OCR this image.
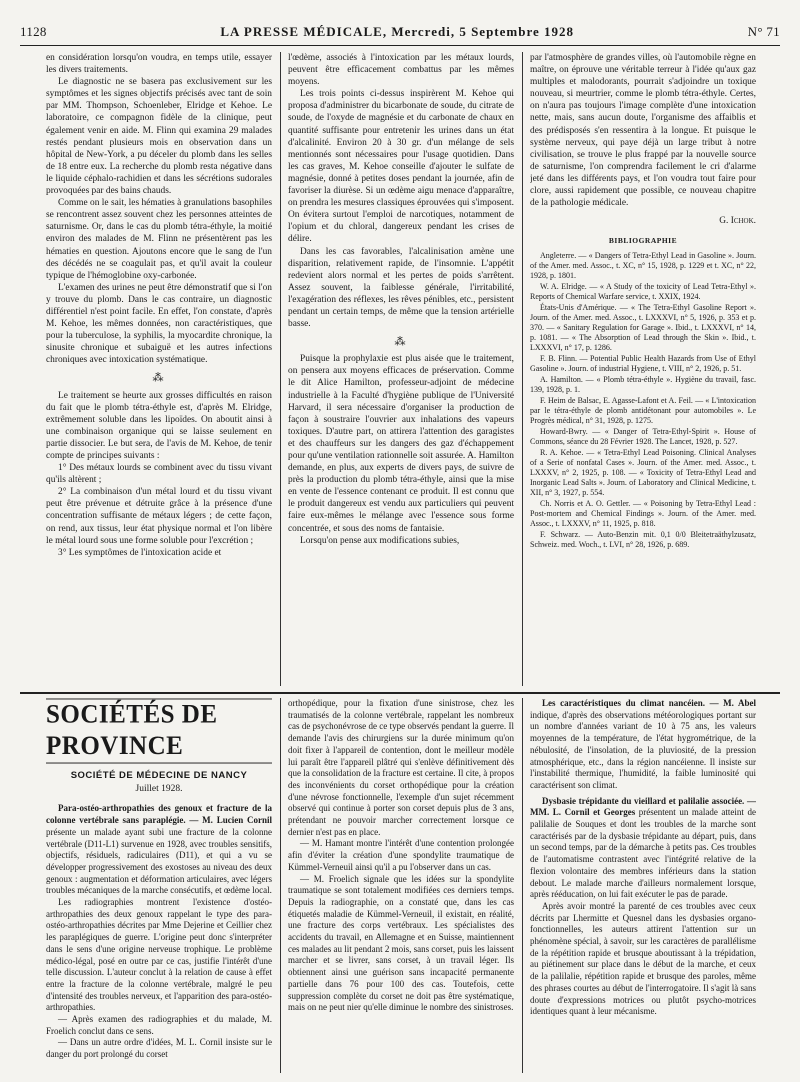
1128	LA PRESSE MÉDICALE, Mercredi, 5 Septembre 1928	N° 71

en considération lorsqu'on voudra, en temps utile, essayer les divers traitements.

Le diagnostic ne se basera pas exclusivement sur les symptômes et les signes objectifs précisés avec tant de soin par MM. Thompson, Schoenleber, Elridge et Kehoe. Le laboratoire, ce compagnon fidèle de la clinique, peut également venir en aide. M. Flinn qui examina 29 malades restés pendant plusieurs mois en observation dans un hôpital de New-York, a pu déceler du plomb dans les selles de 18 entre eux. La recherche du plomb resta négative dans le liquide céphalo-rachidien et dans les sécrétions sudorales provoquées par des bains chauds.

Comme on le sait, les hématies à granulations basophiles se rencontrent assez souvent chez les personnes atteintes de saturnisme. Or, dans le cas du plomb tétra-éthyle, la moitié environ des malades de M. Flinn ne présentèrent pas les hématies en question. Ajoutons encore que le sang de l'un des décédés ne se coagulait pas, et qu'il avait la couleur typique de l'hémoglobine oxy-carbonée.

L'examen des urines ne peut être démonstratif que si l'on y trouve du plomb. Dans le cas contraire, un diagnostic différentiel n'est point facile. En effet, l'on constate, d'après M. Kehoe, les mêmes données, non caractéristiques, que pour la tuberculose, la syphilis, la myocardite chronique, la sinusite chronique et subaiguë et les autres infections chroniques avec intoxication systématique.

⁂

Le traitement se heurte aux grosses difficultés en raison du fait que le plomb tétra-éthyle est, d'après M. Elridge, extrêmement soluble dans les lipoïdes. On aboutit ainsi à une combinaison organique qui se laisse seulement en partie dissocier. Le but sera, de l'avis de M. Kehoe, de tenir compte de principes suivants :

1° Des métaux lourds se combinent avec du tissu vivant qu'ils altèrent ;

2° La combinaison d'un métal lourd et du tissu vivant peut être prévenue et détruite grâce à la présence d'une concentration suffisante de métaux légers ; de cette façon, on rend, aux tissus, leur état physique normal et l'on libère le métal lourd sous une forme soluble pour l'excrétion ;

3° Les symptômes de l'intoxication acide et

l'œdème, associés à l'intoxication par les métaux lourds, peuvent être efficacement combattus par les mêmes moyens.

Les trois points ci-dessus inspirèrent M. Kehoe qui proposa d'administrer du bicarbonate de soude, du citrate de soude, de l'oxyde de magnésie et du carbonate de chaux en quantité suffisante pour entretenir les urines dans un état d'alcalinité. Environ 20 à 30 gr. d'un mélange de sels mentionnés sont nécessaires pour l'usage quotidien. Dans les cas graves, M. Kehoe conseille d'ajouter le sulfate de magnésie, donné à petites doses pendant la journée, afin de favoriser la diurèse. Si un œdème aigu menace d'apparaître, on prendra les mesures classiques éprouvées qui s'imposent. On évitera surtout l'emploi de narcotiques, notamment de l'opium et du chloral, dangereux pendant les crises de délire.

Dans les cas favorables, l'alcalinisation amène une disparition, relativement rapide, de l'insomnie. L'appétit redevient alors normal et les pertes de poids s'arrêtent. Assez souvent, la faiblesse générale, l'irritabilité, l'exagération des réflexes, les rêves pénibles, etc., persistent pendant un certain temps, de même que la tension artérielle basse.

⁂

Puisque la prophylaxie est plus aisée que le traitement, on pensera aux moyens efficaces de préservation. Comme le dit Alice Hamilton, professeur-adjoint de médecine industrielle à la Faculté d'hygiène publique de l'Université Harvard, il sera nécessaire d'organiser la production de façon à soustraire l'ouvrier aux inhalations des vapeurs toxiques. D'autre part, on attirera l'attention des garagistes et des chauffeurs sur les dangers des gaz d'échappement pour qu'une ventilation rationnelle soit assurée. A. Hamilton demande, en plus, aux experts de divers pays, de suivre de près la production du plomb tétra-éthyle, ainsi que la mise en vente de l'essence contenant ce produit. Il est connu que le produit dangereux est vendu aux particuliers qui peuvent faire eux-mêmes le mélange avec l'essence sous forme concentrée, et sous des noms de fantaisie.

Lorsqu'on pense aux modifications subies,

par l'atmosphère de grandes villes, où l'automobile règne en maître, on éprouve une véritable terreur à l'idée qu'aux gaz multiples et malodorants, pourrait s'adjoindre un toxique nouveau, si meurtrier, comme le plomb tétra-éthyle. Certes, on n'aura pas toujours l'image complète d'une intoxication nette, mais, sans aucun doute, l'organisme des affaiblis et des prédisposés s'en ressentira à la longue. Et puisque le système nerveux, qui paye déjà un large tribut à notre civilisation, se trouve le plus frappé par la nouvelle source de saturnisme, l'on comprendra facilement le cri d'alarme jeté dans les différents pays, et l'on voudra tout faire pour clore, aussi rapidement que possible, ce nouveau chapitre de la pathologie médicale.

G. Ichok.
BIBLIOGRAPHIE

Angleterre. — « Dangers of Tetra-Ethyl Lead in Gasoline ». Journ. of the Amer. med. Assoc., t. XC, n° 15, 1928, p. 1229 et t. XC, n° 22, 1928, p. 1801.

W. A. Elridge. — « A Study of the toxicity of Lead Tetra-Ethyl ». Reports of Chemical Warfare service, t. XXIX, 1924.

États-Unis d'Amérique. — « The Tetra-Ethyl Gasoline Report ». Journ. of the Amer. med. Assoc., t. LXXXVI, n° 5, 1926, p. 353 et p. 370. — « Sanitary Regulation for Garage ». Ibid., t. LXXXVI, n° 14, p. 1081. — « The Absorption of Lead through the Skin ». Ibid., t. LXXXVI, n° 17, p. 1286.

F. B. Flinn. — Potential Public Health Hazards from Use of Ethyl Gasoline ». Journ. of industrial Hygiene, t. VIII, n° 2, 1926, p. 51.

A. Hamilton. — « Plomb tétra-éthyle ». Hygiène du travail, fasc. 139, 1928, p. 1.

F. Heim de Balsac, E. Agasse-Lafont et A. Feil. — « L'intoxication par le tétra-éthyle de plomb antidétonant pour automobiles ». Le Progrès médical, n° 31, 1928, p. 1275.

Howard-Bwry. — « Danger of Tetra-Ethyl-Spirit ». House of Commons, séance du 28 Février 1928. The Lancet, 1928, p. 527.

R. A. Kehoe. — « Tetra-Ethyl Lead Poisoning. Clinical Analyses of a Serie of nonfatal Cases ». Journ. of the Amer. med. Assoc., t. LXXXV, n° 2, 1925, p. 108. — « Toxicity of Tetra-Ethyl Lead and Inorganic Lead Salts ». Journ. of Laboratory and Clinical Medicine, t. XII, n° 3, 1927, p. 554.

Ch. Norris et A. O. Gettler. — « Poisoning by Tetra-Ethyl Lead : Post-mortem and Chemical Findings ». Journ. of the Amer. med. Assoc., t. LXXXV, n° 11, 1925, p. 818.

F. Schwarz. — Auto-Benzin mit. 0,1 0/0 Bleitetraäthylzusatz, Schweiz. med. Woch., t. LVI, n° 28, 1926, p. 689.

SOCIÉTÉS DE PROVINCE
SOCIÉTÉ DE MÉDECINE DE NANCY
Juillet 1928.

Para-ostéo-arthropathies des genoux et fracture de la colonne vertébrale sans paraplégie. — M. Lucien Cornil présente un malade ayant subi une fracture de la colonne vertébrale (D11-L1) survenue en 1928, avec troubles sensitifs, objectifs, résiduels, radiculaires (D11), et qui a vu se développer progressivement des exostoses au niveau des deux genoux : augmentation et déformation articulaires, avec légers troubles mécaniques de la marche consécutifs, et œdème local.

Les radiographies montrent l'existence d'ostéo-arthropathies des deux genoux rappelant le type des para-ostéo-arthropathies décrites par Mme Dejerine et Ceillier chez les paraplégiques de guerre. L'origine peut donc s'interpréter dans le sens d'une origine nerveuse trophique. Le problème médico-légal, posé en outre par ce cas, justifie l'intérêt d'une telle discussion. L'auteur conclut à la relation de cause à effet entre la fracture de la colonne vertébrale, malgré le peu d'intensité des troubles nerveux, et l'apparition des para-ostéo-arthropathies.

— Après examen des radiographies et du malade, M. Froelich conclut dans ce sens.

— Dans un autre ordre d'idées, M. L. Cornil insiste sur le danger du port prolongé du corset

orthopédique, pour la fixation d'une sinistrose, chez les traumatisés de la colonne vertébrale, rappelant les nombreux cas de psychonévrose de ce type observés pendant la guerre. Il demande l'avis des chirurgiens sur la durée minimum qu'on doit fixer à l'appareil de contention, dont le meilleur modèle lui paraît être l'appareil plâtré qui s'enlève définitivement dès que la consolidation de la fracture est certaine. Il cite, à propos des inconvénients du corset orthopédique pour la création d'une névrose fonctionnelle, l'exemple d'un sujet récemment observé qui continue à porter son corset depuis plus de 3 ans, prétendant ne pouvoir marcher correctement lorsque ce dernier n'est pas en place.

— M. Hamant montre l'intérêt d'une contention prolongée afin d'éviter la création d'une spondylite traumatique de Kümmel-Verneuil ainsi qu'il a pu l'observer dans un cas.

— M. Froelich signale que les idées sur la spondylite traumatique se sont totalement modifiées ces derniers temps. Depuis la radiographie, on a constaté que, dans les cas étiquetés maladie de Kümmel-Verneuil, il existait, en réalité, une fracture des corps vertébraux. Les spécialistes des accidents du travail, en Allemagne et en Suisse, maintiennent ces malades au lit pendant 2 mois, sans corset, puis les laissent marcher et se livrer, sans corset, à un travail léger. Ils obtiennent ainsi une guérison sans incapacité permanente partielle dans 76 pour 100 des cas. Toutefois, cette suppression complète du corset ne doit pas être systématique, mais on ne peut nier qu'elle diminue le nombre des sinistroses.

Les caractéristiques du climat nancéien. — M. Abel indique, d'après des observations météorologiques portant sur un nombre d'années variant de 10 à 75 ans, les valeurs moyennes de la température, de l'état hygrométrique, de la nébulosité, de l'insolation, de la pluviosité, de la pression atmosphérique, etc., dans la région nancéienne. Il insiste sur l'instabilité thermique, l'humidité, la faible luminosité qui caractérisent son climat.

Dysbasie trépidante du vieillard et palilalie associée. — MM. L. Cornil et Georges présentent un malade atteint de palilalie de Souques et dont les troubles de la marche sont caractérisés par de la dysbasie trépidante au départ, puis, dans un second temps, par de la démarche à petits pas. Ces troubles de l'automatisme contrastent avec l'intégrité relative de la flexion volontaire des membres inférieurs dans la station debout. Le malade marche d'ailleurs normalement lorsque, après rééducation, on lui fait exécuter le pas de parade.

Après avoir montré la parenté de ces troubles avec ceux décrits par Lhermitte et Quesnel dans les dysbasies organo-fonctionnelles, les auteurs attirent l'attention sur un phénomène spécial, à savoir, sur les caractères de parallélisme de la répétition rapide et brusque aboutissant à la trépidation, au piétinement sur place dans le début de la marche, et ceux de la palilalie, répétition rapide et brusque des paroles, même des phrases courtes au début de l'interrogatoire. Il s'agit là sans doute d'expressions motrices ou plutôt psycho-motrices identiques quant à leur mécanisme.
